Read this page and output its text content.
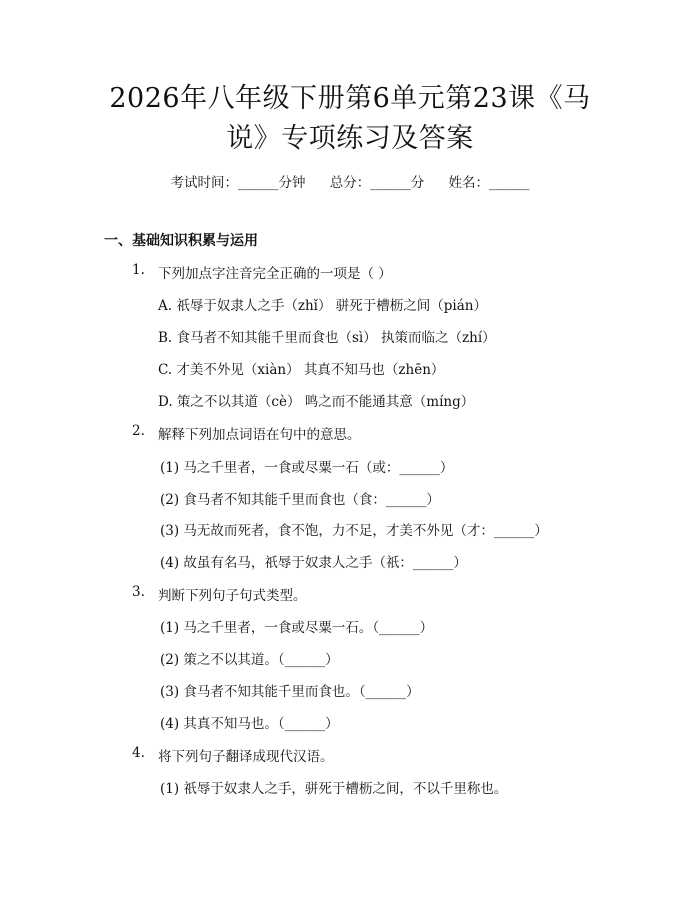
2026年八年级下册第6单元第23课《马
说》专项练习及答案
考试时间：______分钟 总分：______分 姓名：______
一、基础知识积累与运用
1. 下列加点字注音完全正确的一项是（ ）
A. 祇辱于奴隶人之手（zhǐ） 骈死于槽枥之间（pián）
B. 食马者不知其能千里而食也（sì） 执策而临之（zhí）
C. 才美不外见（xiàn） 其真不知马也（zhēn）
D. 策之不以其道（cè） 鸣之而不能通其意（míng）
2. 解释下列加点词语在句中的意思。
(1) 马之千里者，一食或尽粟一石（或：______）
(2) 食马者不知其能千里而食也（食：______）
(3) 马无故而死者，食不饱，力不足，才美不外见（才：______）
(4) 故虽有名马，祇辱于奴隶人之手（祇：______）
3. 判断下列句子句式类型。
(1) 马之千里者，一食或尽粟一石。（______）
(2) 策之不以其道。（______）
(3) 食马者不知其能千里而食也。（______）
(4) 其真不知马也。（______）
4. 将下列句子翻译成现代汉语。
(1) 祇辱于奴隶人之手，骈死于槽枥之间，不以千里称也。
